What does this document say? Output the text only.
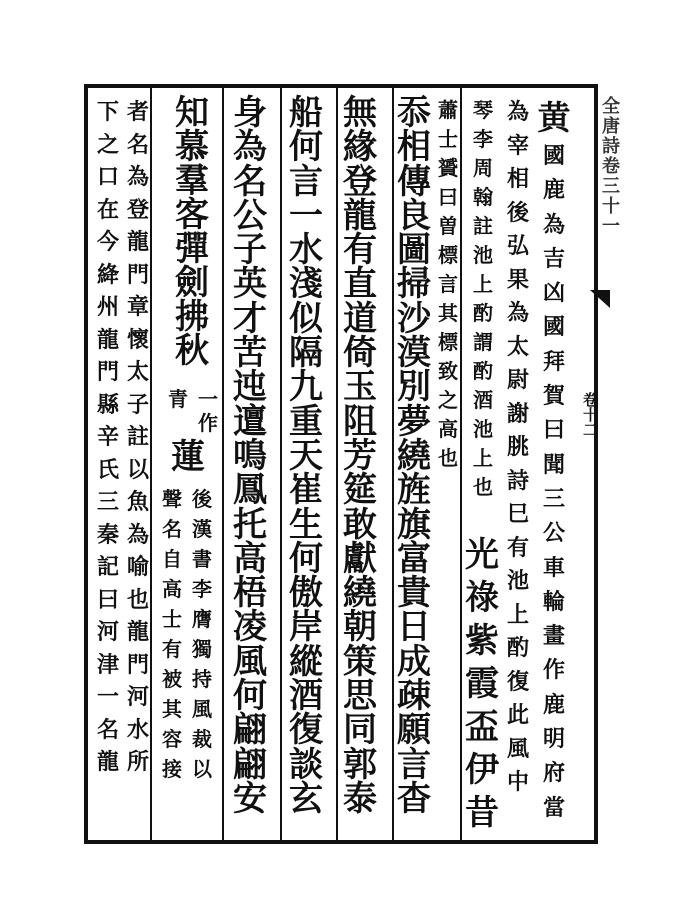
全唐詩卷三十一
卷十二
黄
國
鹿
為
吉
凶
國
拜
賀
曰
聞
三
公
車
輪
畫
作
鹿
明
府
當
為
宰
相
後
弘
果
為
太
尉
謝
朓
詩
巳
有
池
上
酌
復
此
風
中
琴
李
周
翰
註
池
上
酌
謂
酌
酒
池
上
也
蕭
士
贇
曰
曽
標
言
其
標
致
之
高
也
光
祿
紫
霞
盃
伊
昔
忝
相
傳
良
圖
掃
沙
漠
別
夢
繞
旌
旗
富
貴
日
成
疎
願
言
杳
無
緣
登
龍
有
直
道
倚
玉
阻
芳
筵
敢
獻
繞
朝
策
思
同
郭
泰
船
何
言
一
水
淺
似
隔
九
重
天
崔
生
何
傲
岸
縱
酒
復
談
玄
身
為
名
公
子
英
才
苦
迍
邅
鳴
鳳
托
高
梧
凌
風
何
翩
翩
安
知
慕
羣
客
彈
劍
拂
秋
一
作
青
蓮
後
漢
書
李
膺
獨
持
風
裁
以
聲
名
自
高
士
有
被
其
容
接
者
名
為
登
龍
門
章
懷
太
子
註
以
魚
為
喻
也
龍
門
河
水
所
下
之
口
在
今
絳
州
龍
門
縣
辛
氏
三
秦
記
曰
河
津
一
名
龍
